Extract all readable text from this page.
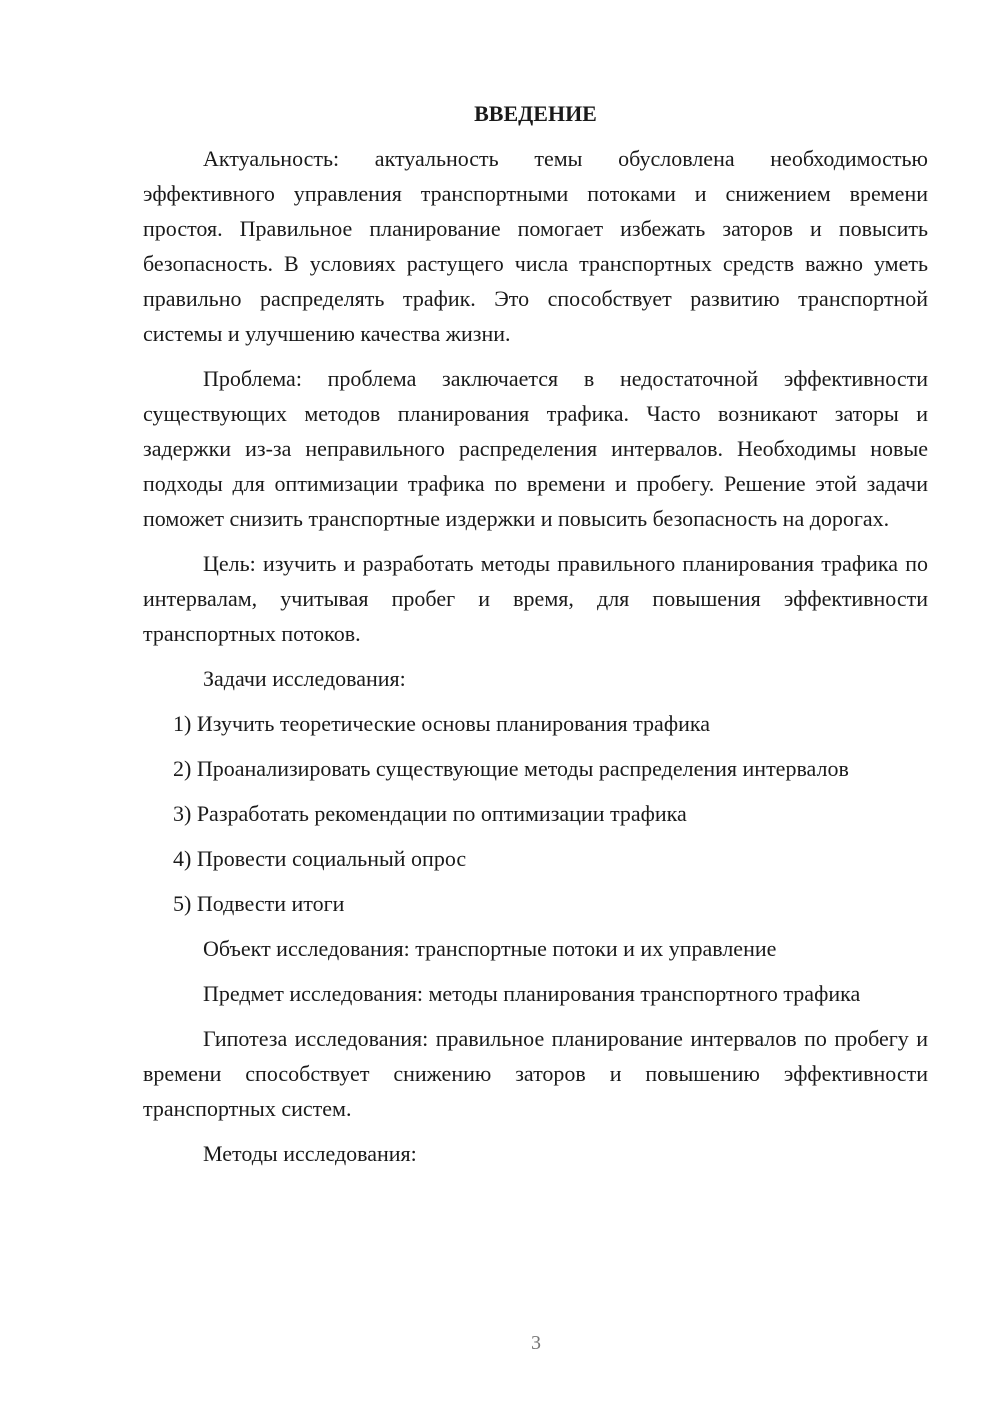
ВВЕДЕНИЕ

Актуальность: актуальность темы обусловлена необходимостью эффективного управления транспортными потоками и снижением времени простоя. Правильное планирование помогает избежать заторов и повысить безопасность. В условиях растущего числа транспортных средств важно уметь правильно распределять трафик. Это способствует развитию транспортной системы и улучшению качества жизни.

Проблема: проблема заключается в недостаточной эффективности существующих методов планирования трафика. Часто возникают заторы и задержки из-за неправильного распределения интервалов. Необходимы новые подходы для оптимизации трафика по времени и пробегу. Решение этой задачи поможет снизить транспортные издержки и повысить безопасность на дорогах.

Цель: изучить и разработать методы правильного планирования трафика по интервалам, учитывая пробег и время, для повышения эффективности транспортных потоков.

Задачи исследования:

1) Изучить теоретические основы планирования трафика

2) Проанализировать существующие методы распределения интервалов

3) Разработать рекомендации по оптимизации трафика

4) Провести социальный опрос

5) Подвести итоги

Объект исследования: транспортные потоки и их управление

Предмет исследования: методы планирования транспортного трафика

Гипотеза исследования: правильное планирование интервалов по пробегу и времени способствует снижению заторов и повышению эффективности транспортных систем.

Методы исследования:

3
